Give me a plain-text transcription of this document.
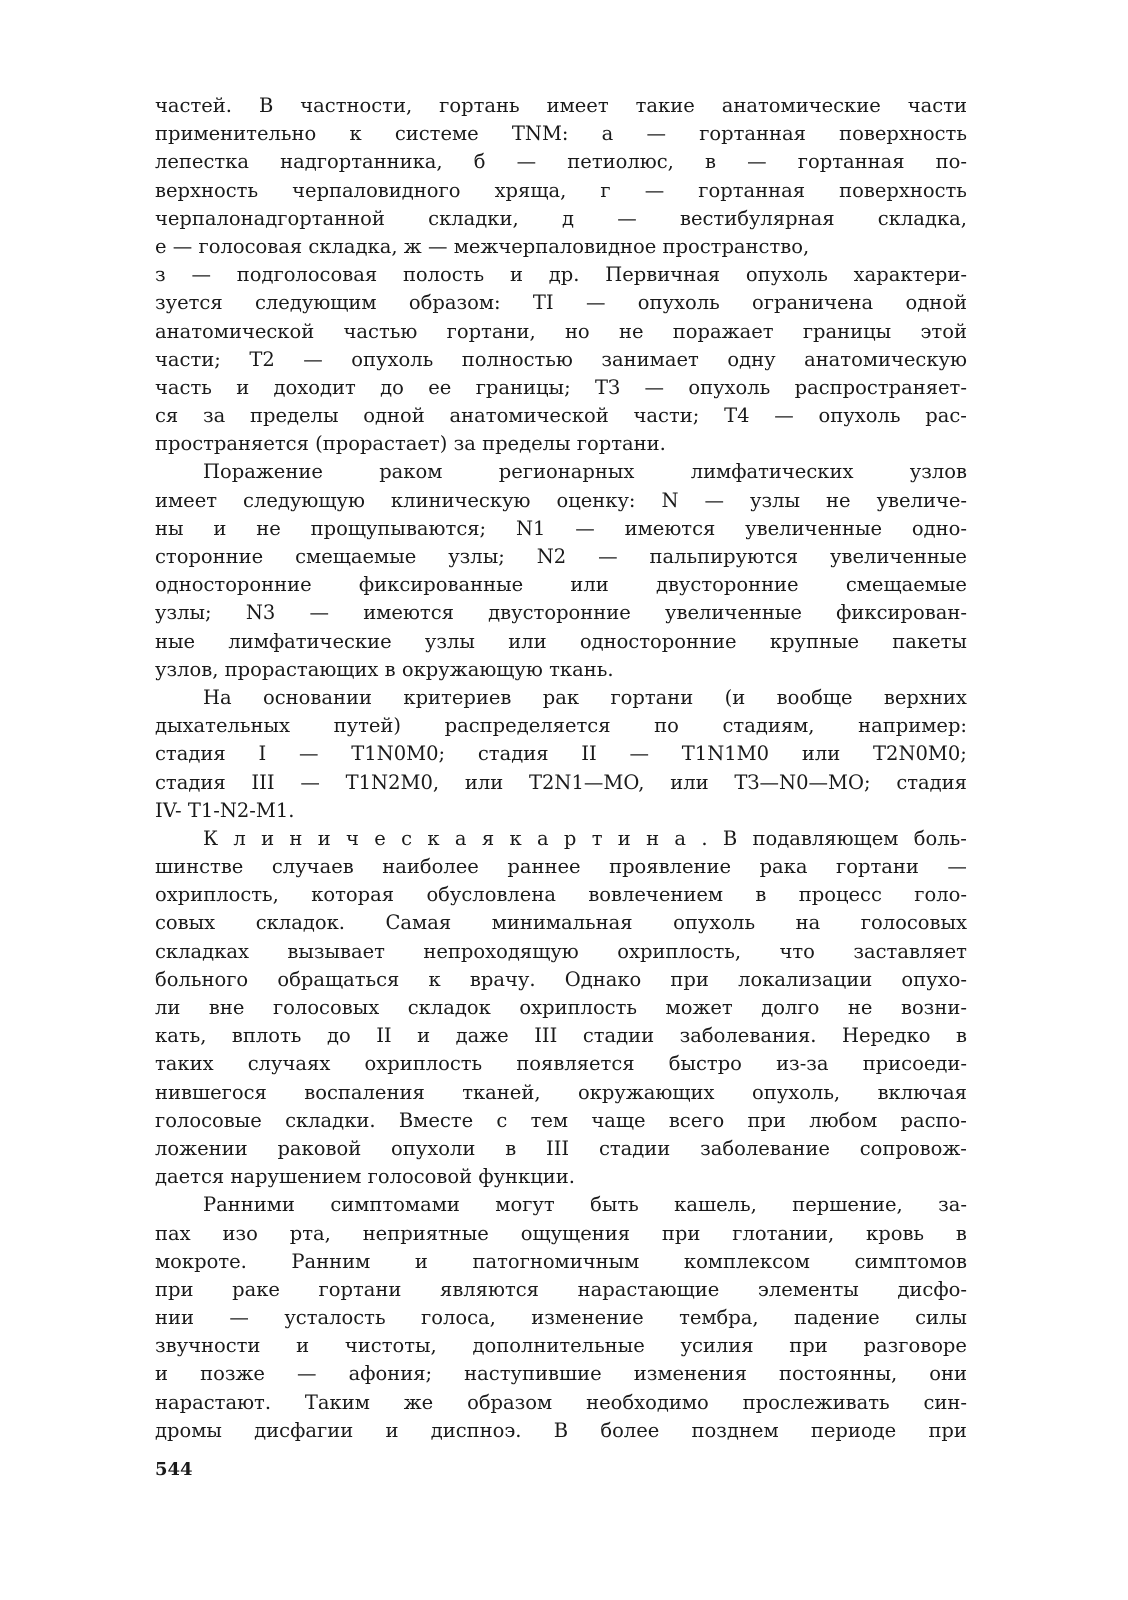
частей. В частности, гортань имеет такие анатомические части
применительно к системе TNM: а — гортанная поверхность
лепестка надгортанника, б — петиолюс, в — гортанная по-
верхность черпаловидного хряща, г — гортанная поверхность
черпалонадгортанной складки, д — вестибулярная складка,
е — голосовая складка, ж — межчерпаловидное пространство,
з — подголосовая полость и др. Первичная опухоль характери-
зуется следующим образом: TI — опухоль ограничена одной
анатомической частью гортани, но не поражает границы этой
части; Т2 — опухоль полностью занимает одну анатомическую
часть и доходит до ее границы; ТЗ — опухоль распространяет-
ся за пределы одной анатомической части; Т4 — опухоль рас-
пространяется (прорастает) за пределы гортани.
Поражение	раком	регионарных	лимфатических	узлов
имеет следующую клиническую оценку: N — узлы не увеличе-
ны и не прощупываются; N1 — имеются увеличенные одно-
сторонние смещаемые узлы; N2 — пальпируются увеличенные
односторонние фиксированные или двусторонние смещаемые
узлы; N3 — имеются двусторонние увеличенные фиксирован-
ные лимфатические узлы или односторонние крупные пакеты
узлов, прорастающих в окружающую ткань.
На основании критериев рак гортани (и вообще верхних
дыхательных путей) распределяется по стадиям, например:
стадия I — T1N0M0; стадия II — T1N1M0 или T2N0M0;
стадия III — T1N2M0, или T2N1—MO, или ТЗ—N0—MO; стадия
IV- T1-N2-M1.
К л и н и ч е с к а я к а р т и н а . В подавляющем боль-
шинстве случаев наиболее раннее проявление рака гортани —
охриплость, которая обусловлена вовлечением в процесс голо-
совых складок. Самая минимальная опухоль на голосовых
складках вызывает непроходящую охриплость, что заставляет
больного обращаться к врачу. Однако при локализации опухо-
ли вне голосовых складок охриплость может долго не возни-
кать, вплоть до II и даже III стадии заболевания. Нередко в
таких случаях охриплость появляется быстро из-за присоеди-
нившегося воспаления тканей, окружающих опухоль, включая
голосовые складки. Вместе с тем чаще всего при любом распо-
ложении раковой опухоли в III стадии заболевание сопровож-
дается нарушением голосовой функции.
Ранними симптомами могут быть кашель, першение, за-
пах изо рта, неприятные ощущения при глотании, кровь в
мокроте. Ранним и патогномичным комплексом симптомов
при раке гортани являются нарастающие элементы дисфо-
нии — усталость голоса, изменение тембра, падение силы
звучности и чистоты, дополнительные усилия при разговоре
и позже — афония; наступившие изменения постоянны, они
нарастают. Таким же образом необходимо прослеживать син-
дромы дисфагии и диспноэ. В более позднем периоде при
544
